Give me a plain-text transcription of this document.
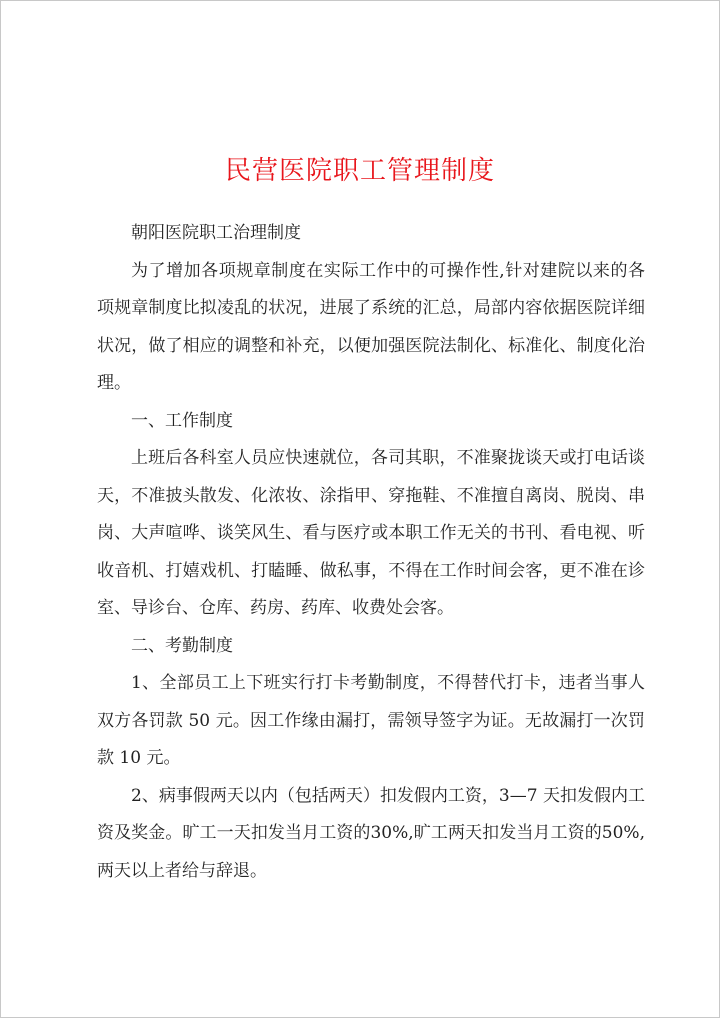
民营医院职工管理制度
朝阳医院职工治理制度
为了增加各项规章制度在实际工作中的可操作性,针对建院以来的各
项规章制度比拟凌乱的状况，进展了系统的汇总，局部内容依据医院详细
状况，做了相应的调整和补充，以便加强医院法制化、标准化、制度化治
理。
一、工作制度
上班后各科室人员应快速就位，各司其职，不准聚拢谈天或打电话谈
天，不准披头散发、化浓妆、涂指甲、穿拖鞋、不准擅自离岗、脱岗、串
岗、大声喧哗、谈笑风生、看与医疗或本职工作无关的书刊、看电视、听
收音机、打嬉戏机、打瞌睡、做私事，不得在工作时间会客，更不准在诊
室、导诊台、仓库、药房、药库、收费处会客。
二、考勤制度
1、全部员工上下班实行打卡考勤制度，不得替代打卡，违者当事人
双方各罚款 50 元。因工作缘由漏打，需领导签字为证。无故漏打一次罚
款 10 元。
2、病事假两天以内（包括两天）扣发假内工资，3—7 天扣发假内工
资及奖金。旷工一天扣发当月工资的30%,旷工两天扣发当月工资的50%,
两天以上者给与辞退。
